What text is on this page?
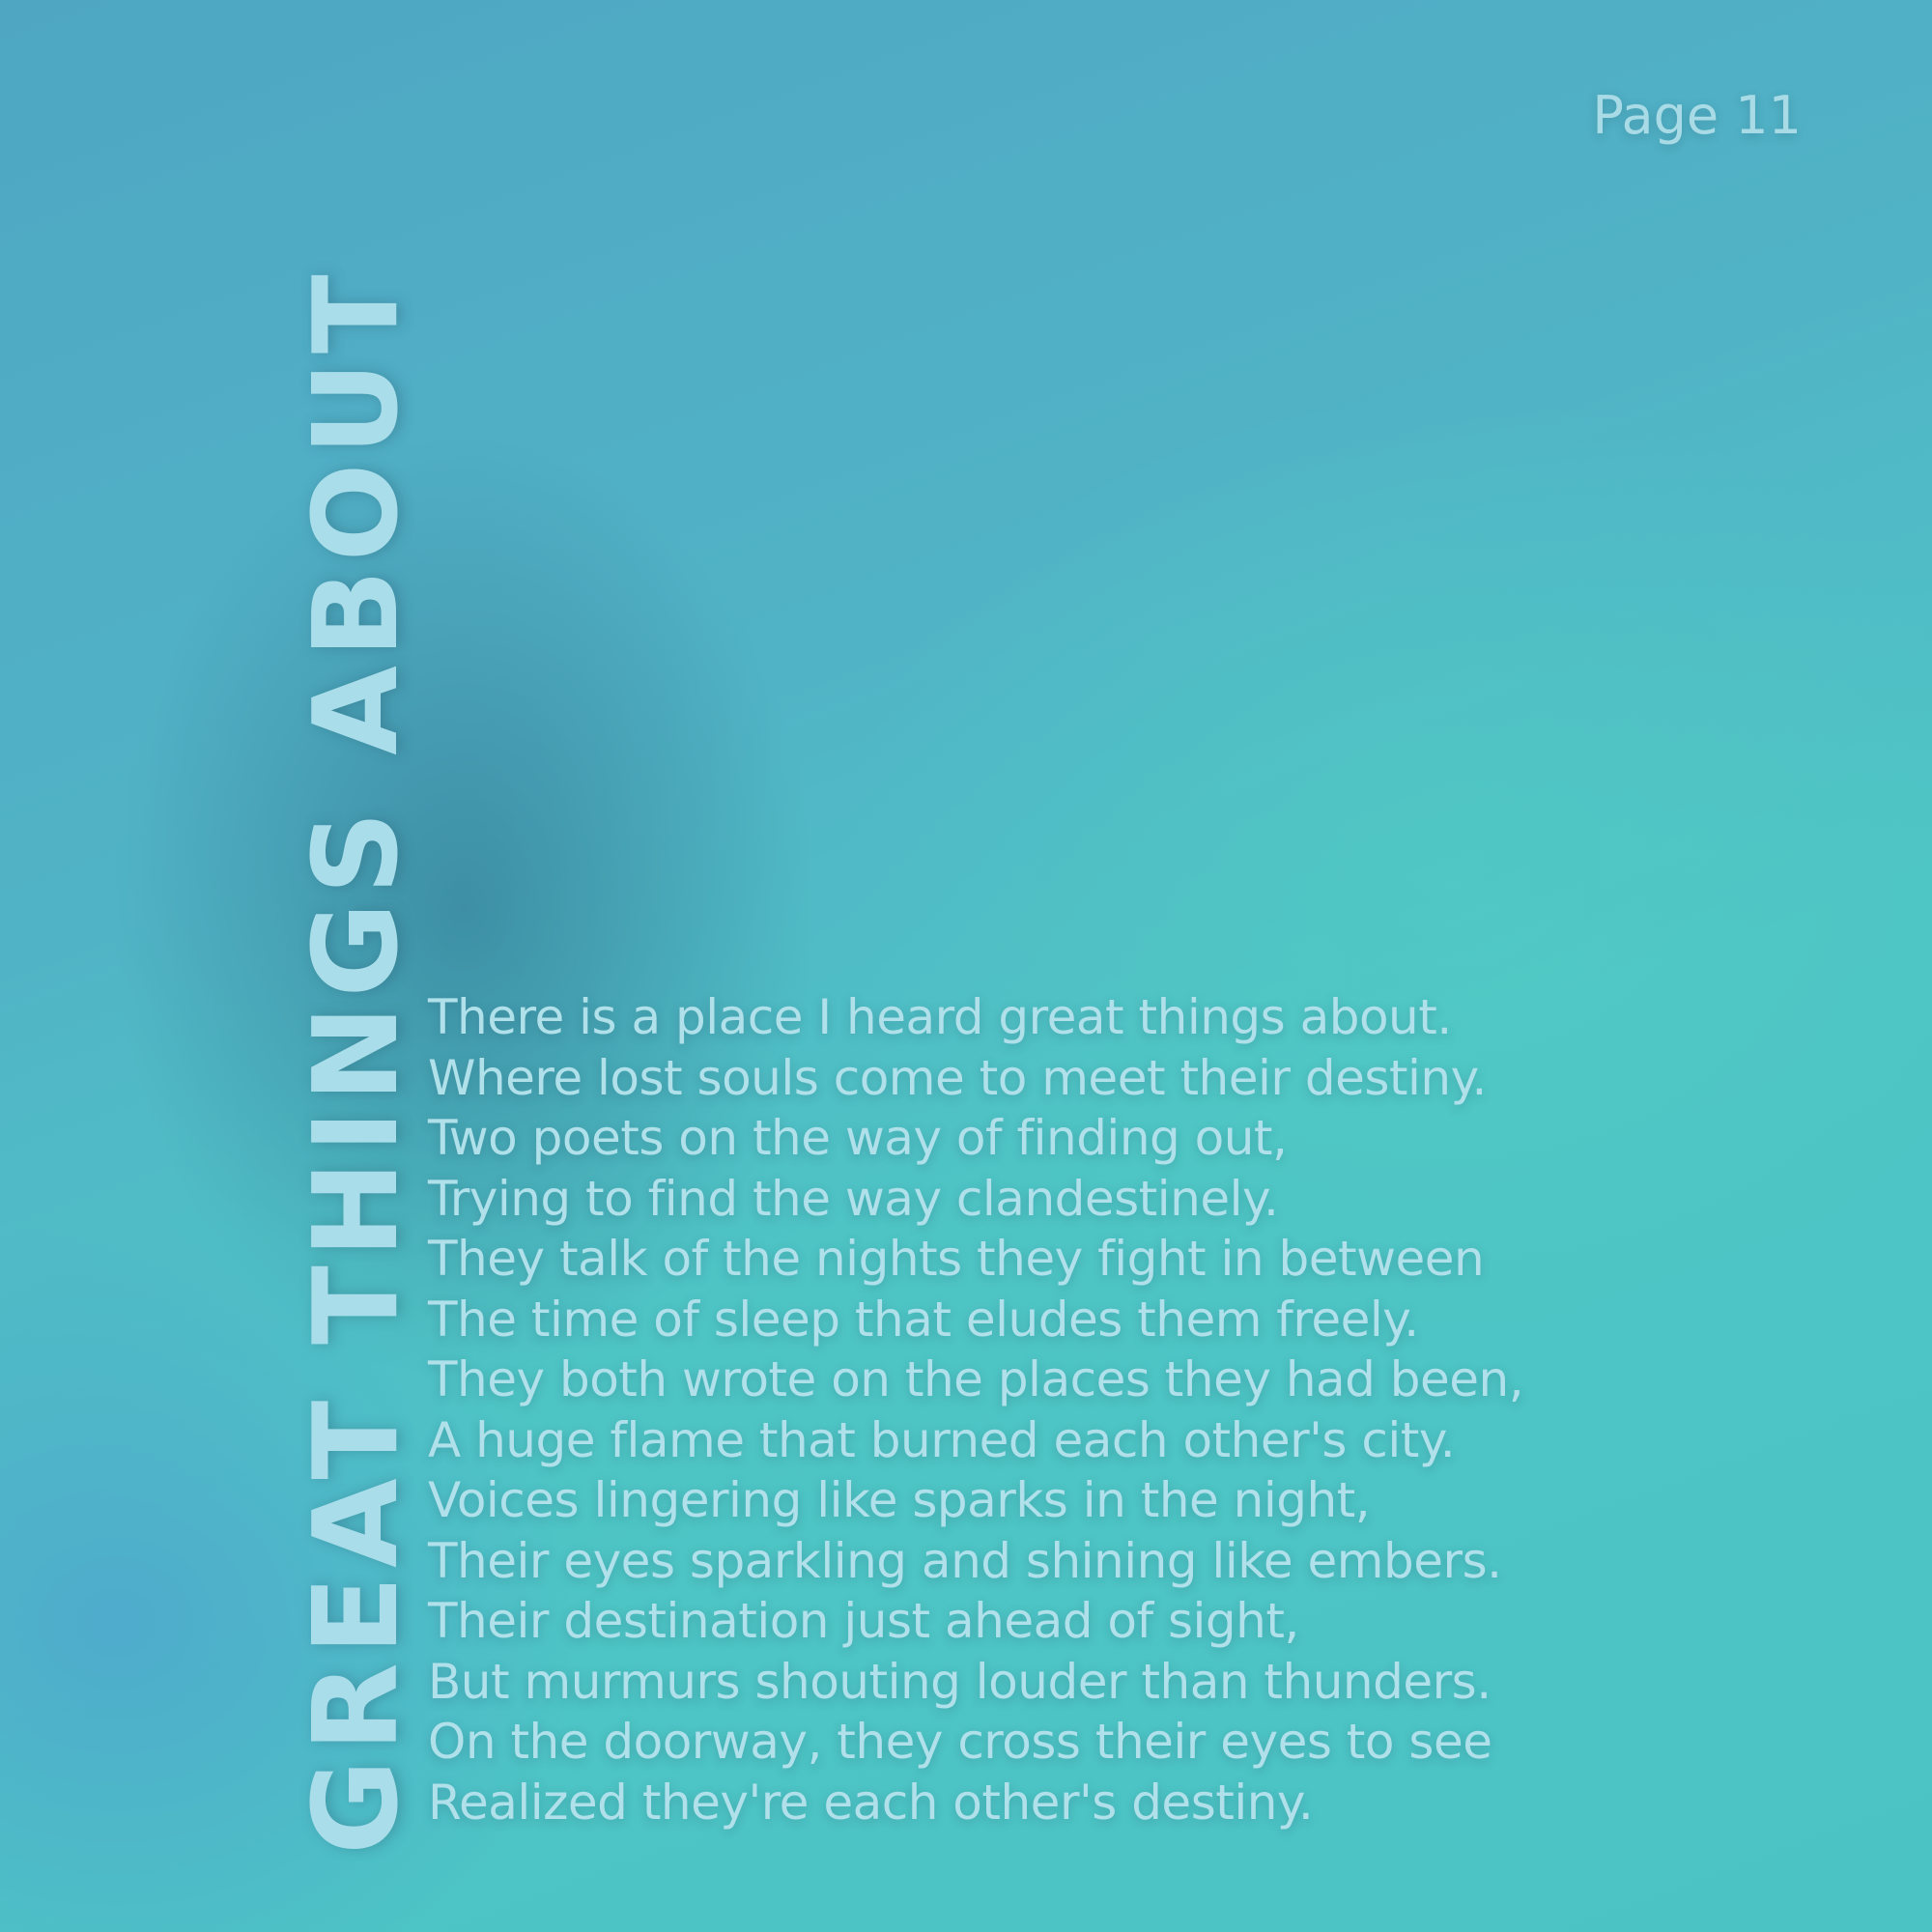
GREAT THINGS ABOUT
Page 11
There is a place I heard great things about.
Where lost souls come to meet their destiny.
Two poets on the way of finding out,
Trying to find the way clandestinely.
They talk of the nights they fight in between
The time of sleep that eludes them freely.
They both wrote on the places they had been,
A huge flame that burned each other's city.
Voices lingering like sparks in the night,
Their eyes sparkling and shining like embers.
Their destination just ahead of sight,
But murmurs shouting louder than thunders.
On the doorway, they cross their eyes to see
Realized they're each other's destiny.
